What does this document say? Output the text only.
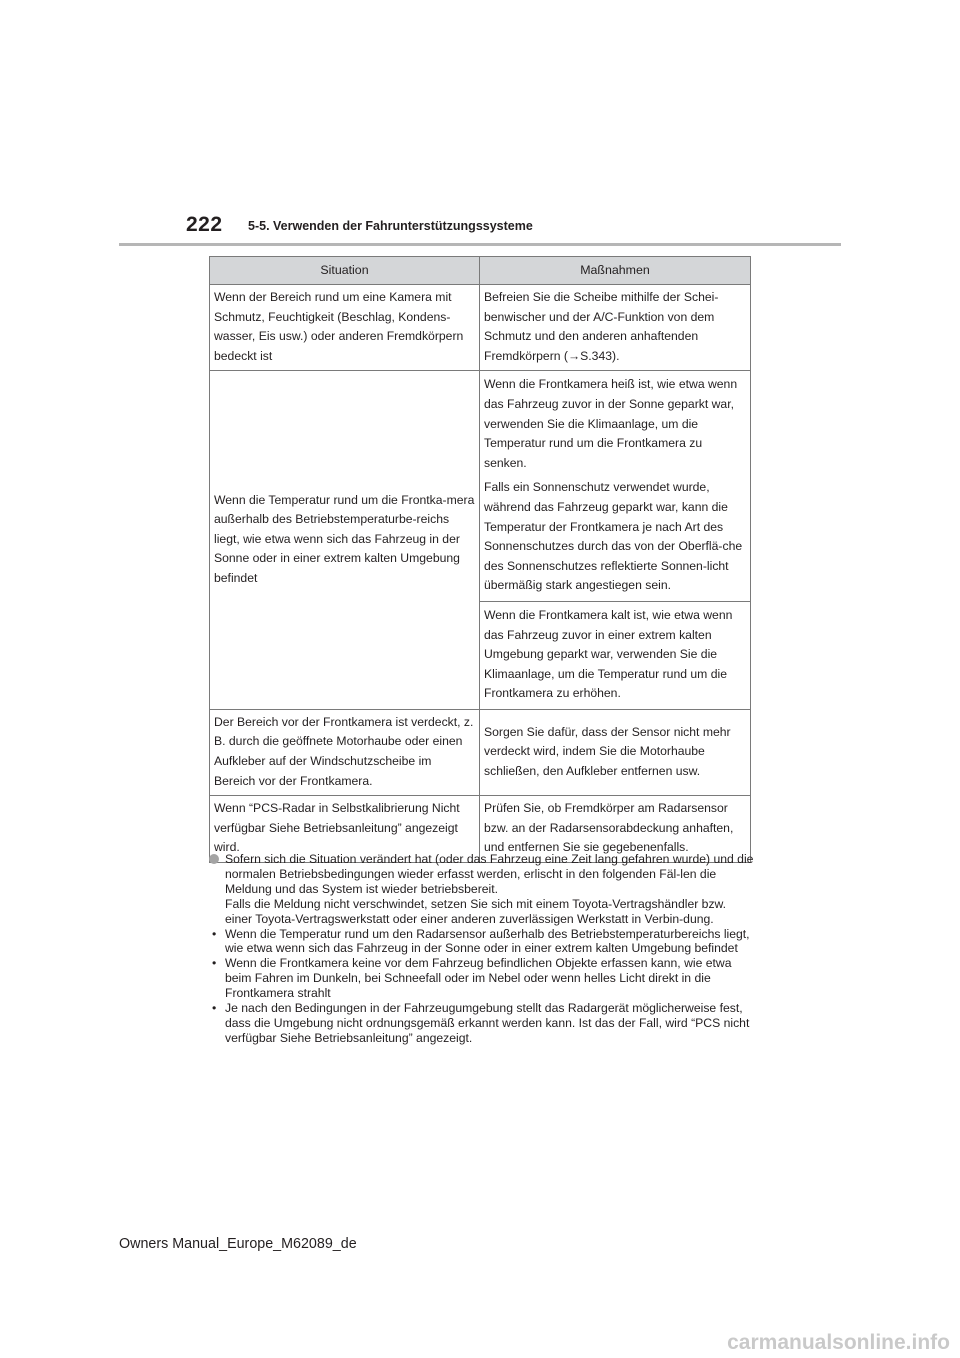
222 5-5. Verwenden der Fahrunterstützungssysteme
Situation	Maßnahmen

Wenn der Bereich rund um eine Kamera mit Schmutz, Feuchtigkeit (Beschlag, Kondens-wasser, Eis usw.) oder anderen Fremdkörpern bedeckt ist	Befreien Sie die Scheibe mithilfe der Schei-benwischer und der A/C-Funktion von dem Schmutz und den anderen anhaftenden Fremdkörpern (→S.343).

Wenn die Temperatur rund um die Frontka-mera außerhalb des Betriebstemperaturbe-reichs liegt, wie etwa wenn sich das Fahrzeug in der Sonne oder in einer extrem kalten Umgebung befindet	Wenn die Frontkamera heiß ist, wie etwa wenn das Fahrzeug zuvor in der Sonne geparkt war, verwenden Sie die Klimaanlage, um die Temperatur rund um die Frontkamera zu senken.

Falls ein Sonnenschutz verwendet wurde, während das Fahrzeug geparkt war, kann die Temperatur der Frontkamera je nach Art des Sonnenschutzes durch das von der Oberflä-che des Sonnenschutzes reflektierte Sonnen-licht übermäßig stark angestiegen sein.

	Wenn die Frontkamera kalt ist, wie etwa wenn das Fahrzeug zuvor in einer extrem kalten Umgebung geparkt war, verwenden Sie die Klimaanlage, um die Temperatur rund um die Frontkamera zu erhöhen.

Der Bereich vor der Frontkamera ist verdeckt, z. B. durch die geöffnete Motorhaube oder einen Aufkleber auf der Windschutzscheibe im Bereich vor der Frontkamera.	Sorgen Sie dafür, dass der Sensor nicht mehr verdeckt wird, indem Sie die Motorhaube schließen, den Aufkleber entfernen usw.

Wenn “PCS-Radar in Selbstkalibrierung Nicht verfügbar Siehe Betriebsanleitung” angezeigt wird.	Prüfen Sie, ob Fremdkörper am Radarsensor bzw. an der Radarsensorabdeckung anhaften, und entfernen Sie sie gegebenenfalls.

Sofern sich die Situation verändert hat (oder das Fahrzeug eine Zeit lang gefahren wurde) und die normalen Betriebsbedingungen wieder erfasst werden, erlischt in den folgenden Fäl-len die Meldung und das System ist wieder betriebsbereit.

Falls die Meldung nicht verschwindet, setzen Sie sich mit einem Toyota-Vertragshändler bzw. einer Toyota-Vertragswerkstatt oder einer anderen zuverlässigen Werkstatt in Verbin-dung.

• Wenn die Temperatur rund um den Radarsensor außerhalb des Betriebstemperaturbereichs liegt, wie etwa wenn sich das Fahrzeug in der Sonne oder in einer extrem kalten Umgebung befindet
• Wenn die Frontkamera keine vor dem Fahrzeug befindlichen Objekte erfassen kann, wie etwa beim Fahren im Dunkeln, bei Schneefall oder im Nebel oder wenn helles Licht direkt in die Frontkamera strahlt
• Je nach den Bedingungen in der Fahrzeugumgebung stellt das Radargerät möglicherweise fest, dass die Umgebung nicht ordnungsgemäß erkannt werden kann. Ist das der Fall, wird “PCS nicht verfügbar Siehe Betriebsanleitung” angezeigt.
Owners Manual_Europe_M62089_de
carmanualsonline.info
